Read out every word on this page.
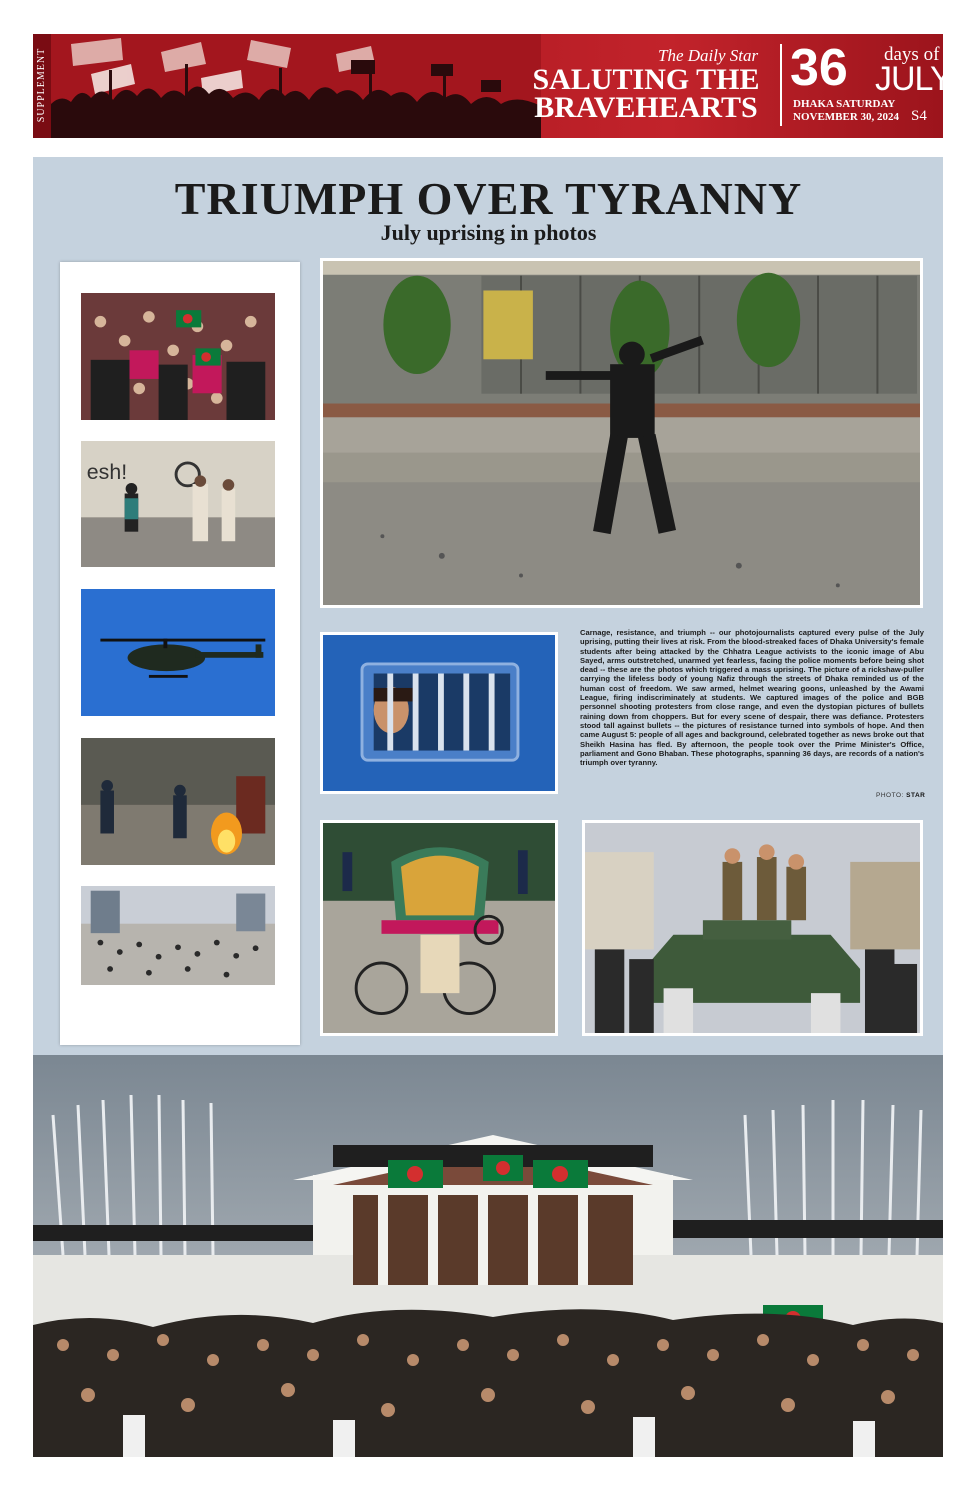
SUPPLEMENT	The Daily Star
SALUTING THE
BRAVEHEARTS
36 days of
JULY
DHAKA SATURDAY
NOVEMBER 30, 2024 S4
TRIUMPH OVER TYRANNY
July uprising in photos
esh!
Carnage, resistance, and triumph -- our photojournalists captured every pulse of the July uprising, putting their lives at risk. From the blood-streaked faces of Dhaka University's female students after being attacked by the Chhatra League activists to the iconic image of Abu Sayed, arms outstretched, unarmed yet fearless, facing the police moments before being shot dead -- these are the photos which triggered a mass uprising. The picture of a rickshaw-puller carrying the lifeless body of young Nafiz through the streets of Dhaka reminded us of the human cost of freedom. We saw armed, helmet wearing goons, unleashed by the Awami League, firing indiscriminately at students. We captured images of the police and BGB personnel shooting protesters from close range, and even the dystopian pictures of bullets raining down from choppers. But for every scene of despair, there was defiance. Protesters stood tall against bullets -- the pictures of resistance turned into symbols of hope. And then came August 5: people of all ages and background, celebrated together as news broke out that Sheikh Hasina has fled. By afternoon, the people took over the Prime Minister's Office, parliament and Gono Bhaban. These photographs, spanning 36 days, are records of a nation's triumph over tyranny.
PHOTO: STAR
